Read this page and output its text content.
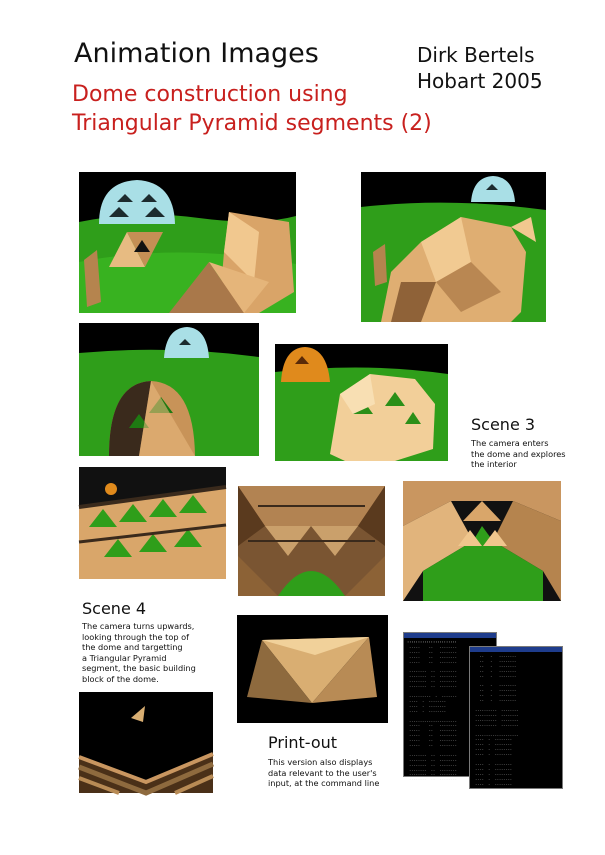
Animation Images	Dirk Bertels
Hobart 2005
Dome construction using
Triangular Pyramid segments (2)
Scene 3
The camera enters
the dome and explores
the interior
Scene 4
The camera turns upwards,
looking through the top of
the dome and targetting
a Triangular Pyramid
segment, the basic building
block of the dome.
:::::::::::::::::::::::
-----    --   --------
-----    --   --------
-----    --   --------
-----    --   --------

--------  --  --------
--------  --  --------
--------  --  --------
--------  --  --------

----------  -  -------
----  -  --------
----  -  --------
----  -  --------

----------------------
-----    --   --------
-----    --   --------
-----    --   --------
-----    --   --------
-----    --   --------

--------  --  --------
--------  --  --------
--------  --  --------
--------  --  --------
--------  --  --------
--------  --  --------
--   -   --------
--   -   --------
--   -   --------
--   -   --------
--   -   --------

--   -   --------
--   -   --------
--   -   --------
--   -   --------

----------  --------
----------  --------
----------  --------
----------  --------

--------------------
----  -  --------
----  -  --------
----  -  --------
----  -  --------

----  -  --------
----  -  --------
----  -  --------
----  -  --------
----  -  --------
Print-out
This version also displays
data relevant to the user's
input, at the command line
